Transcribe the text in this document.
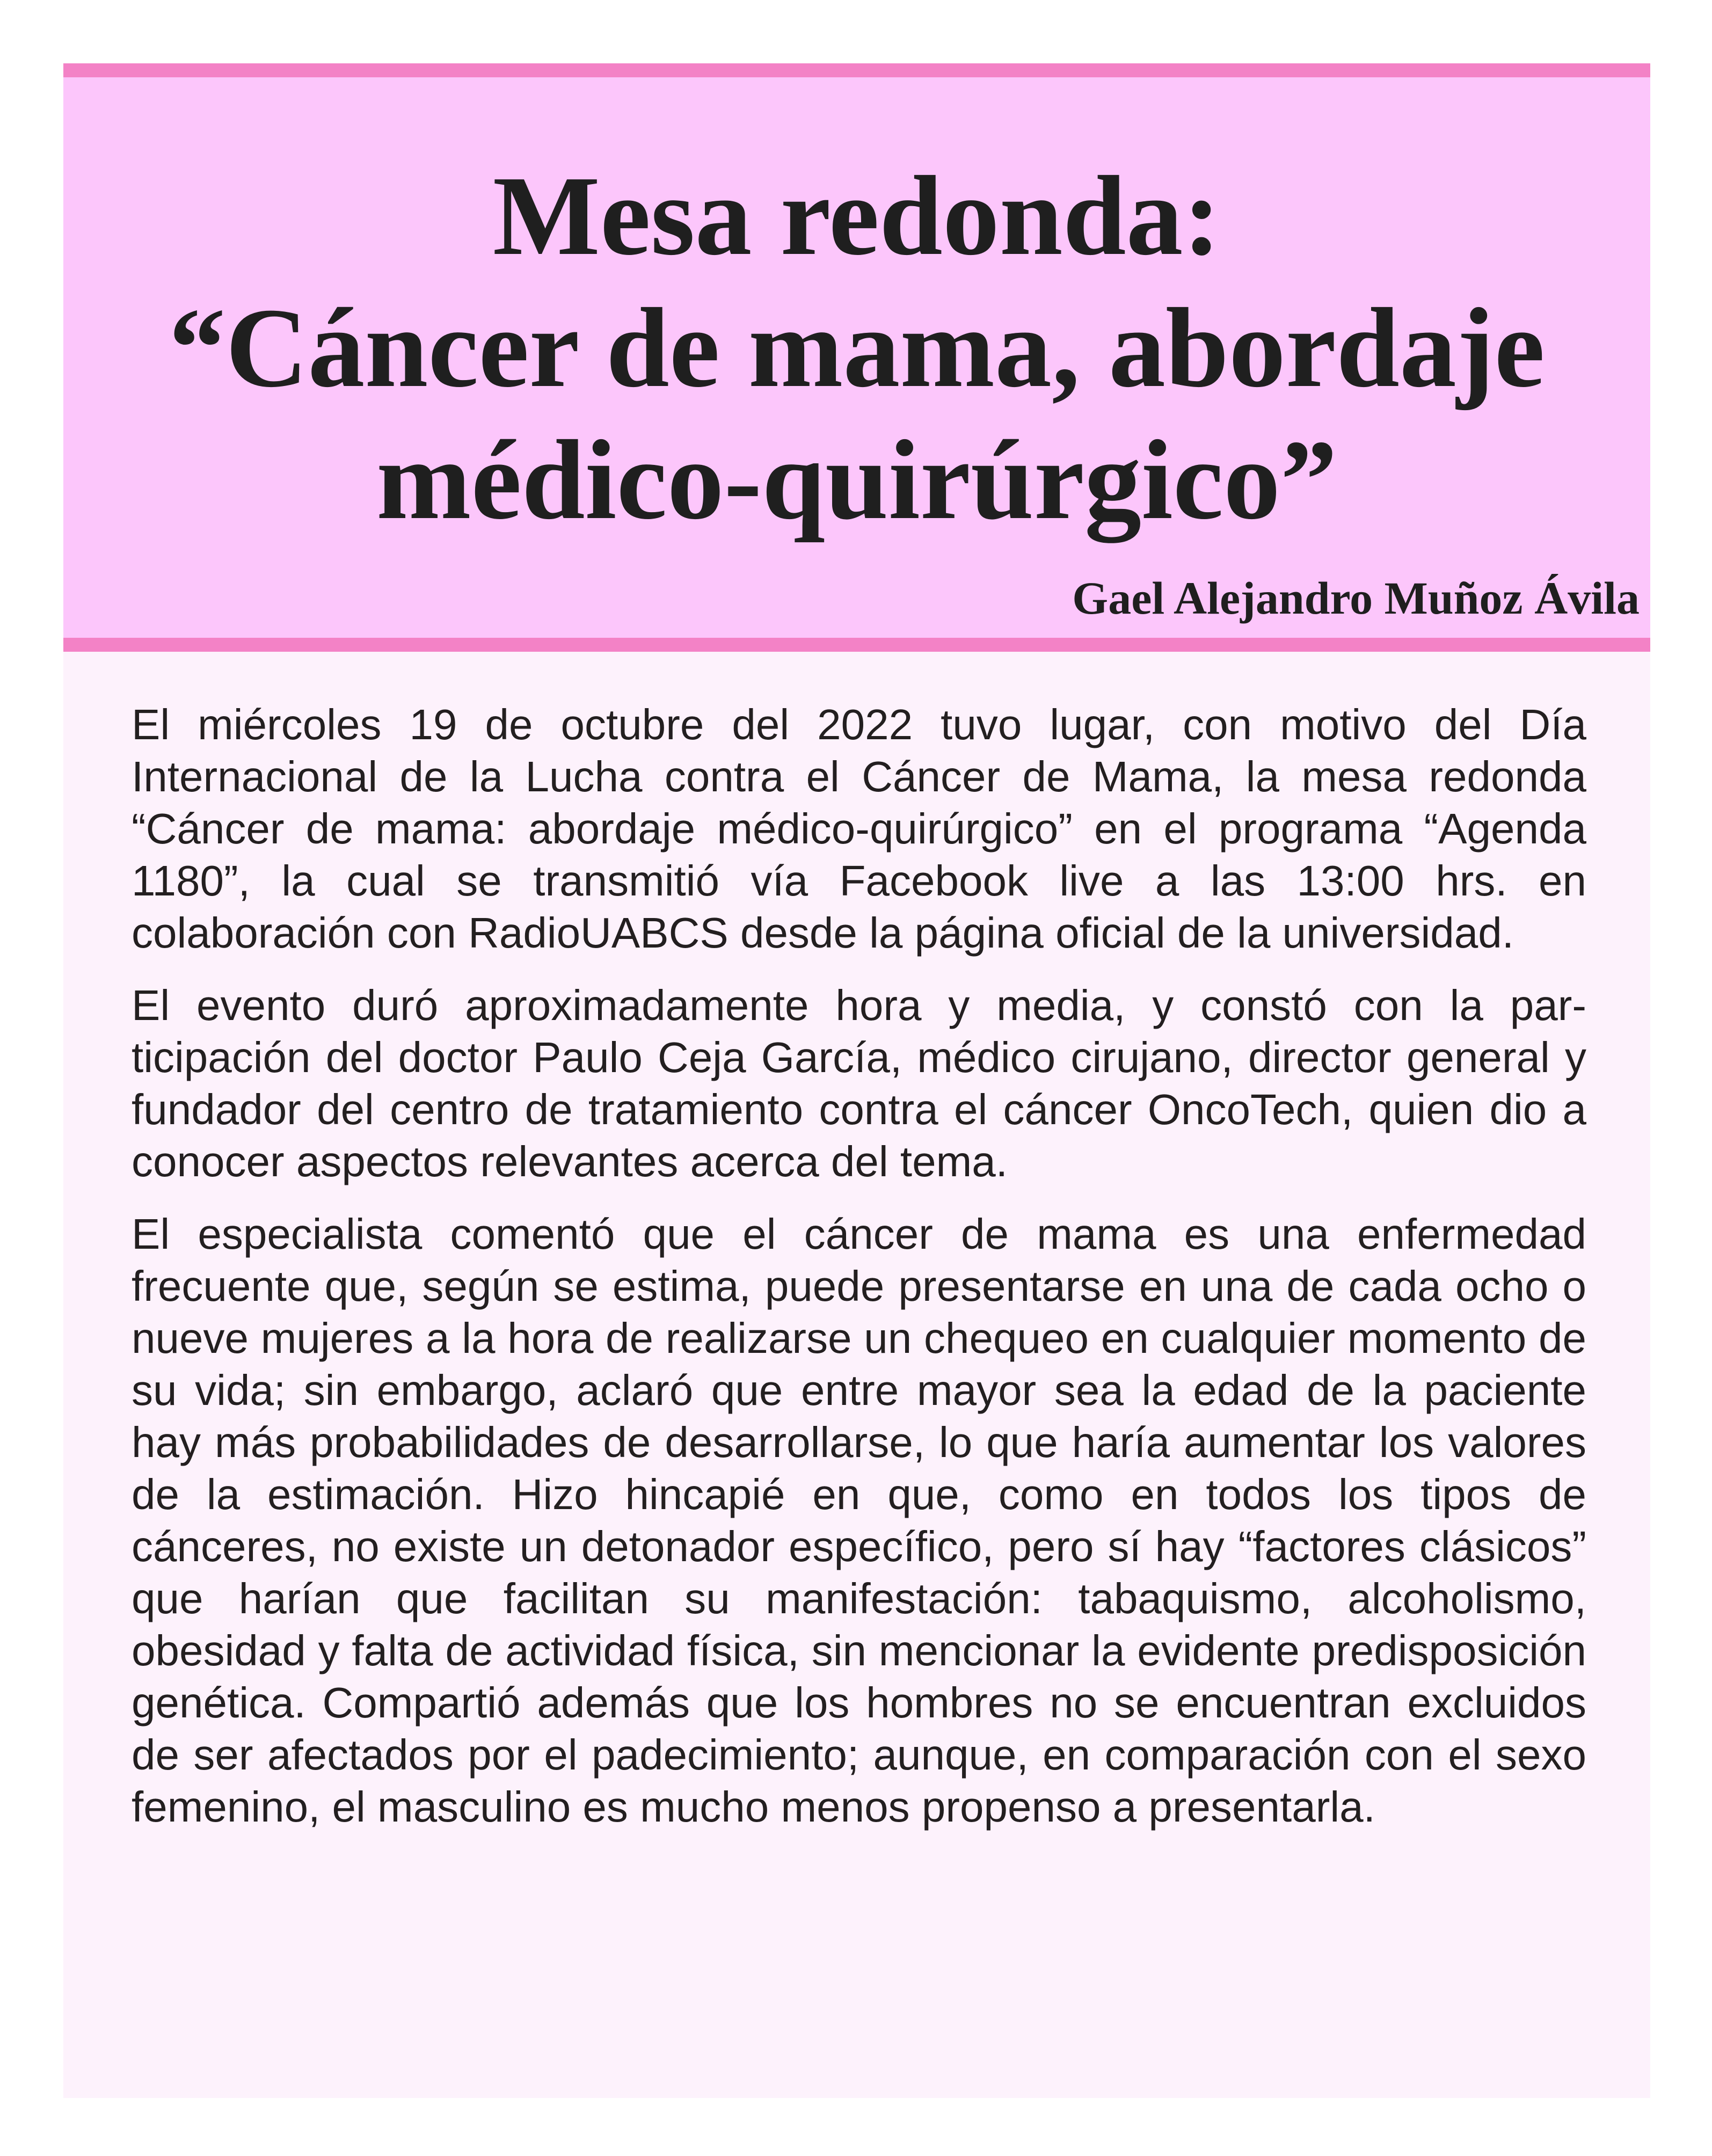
Mesa redonda:
“Cáncer de mama, abordaje
médico-quirúrgico”

Gael Alejandro Muñoz Ávila

El miércoles 19 de octubre del 2022 tuvo lugar, con motivo del Día Internacional de la Lucha contra el Cáncer de Mama, la mesa redonda “Cáncer de mama: abordaje médico-quirúrgico” en el programa “Agenda 1180”, la cual se transmitió vía Facebook live a las 13:00 hrs. en colaboración con RadioUABCS desde la página oficial de la universidad.

El evento duró aproximadamente hora y media, y constó con la participación del doctor Paulo Ceja García, médico cirujano, director general y fundador del centro de tratamiento contra el cáncer OncoTech, quien dio a conocer aspectos relevantes acerca del tema.

El especialista comentó que el cáncer de mama es una enfermedad frecuente que, según se estima, puede presentarse en una de cada ocho o nueve mujeres a la hora de realizarse un chequeo en cualquier momento de su vida; sin embargo, aclaró que entre mayor sea la edad de la paciente hay más probabilidades de desarrollarse, lo que haría aumentar los valores de la estimación. Hizo hincapié en que, como en todos los tipos de cánceres, no existe un detonador específico, pero sí hay “factores clásicos” que harían que facilitan su manifestación: tabaquismo, alcoholismo, obesidad y falta de actividad física, sin mencionar la evidente predisposición genética. Compartió además que los hombres no se encuentran excluidos de ser afectados por el padecimiento; aunque, en comparación con el sexo femenino, el masculino es mucho menos propenso a presentarla.
